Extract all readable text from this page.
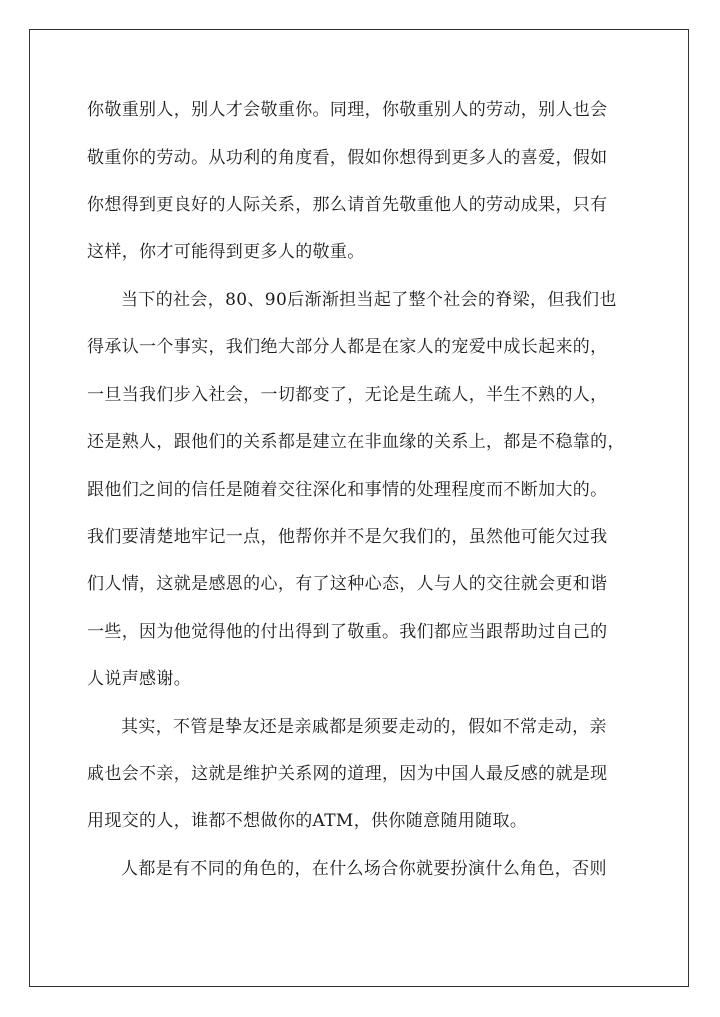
你敬重别人，别人才会敬重你。同理，你敬重别人的劳动，别人也会
敬重你的劳动。从功利的角度看，假如你想得到更多人的喜爱，假如
你想得到更良好的人际关系，那么请首先敬重他人的劳动成果，只有
这样，你才可能得到更多人的敬重。
当下的社会，80、90后渐渐担当起了整个社会的脊梁，但我们也
得承认一个事实，我们绝大部分人都是在家人的宠爱中成长起来的，
一旦当我们步入社会，一切都变了，无论是生疏人，半生不熟的人，
还是熟人，跟他们的关系都是建立在非血缘的关系上，都是不稳靠的，
跟他们之间的信任是随着交往深化和事情的处理程度而不断加大的。
我们要清楚地牢记一点，他帮你并不是欠我们的，虽然他可能欠过我
们人情，这就是感恩的心，有了这种心态，人与人的交往就会更和谐
一些，因为他觉得他的付出得到了敬重。我们都应当跟帮助过自己的
人说声感谢。
其实，不管是挚友还是亲戚都是须要走动的，假如不常走动，亲
戚也会不亲，这就是维护关系网的道理，因为中国人最反感的就是现
用现交的人，谁都不想做你的ATM，供你随意随用随取。
人都是有不同的角色的，在什么场合你就要扮演什么角色，否则
